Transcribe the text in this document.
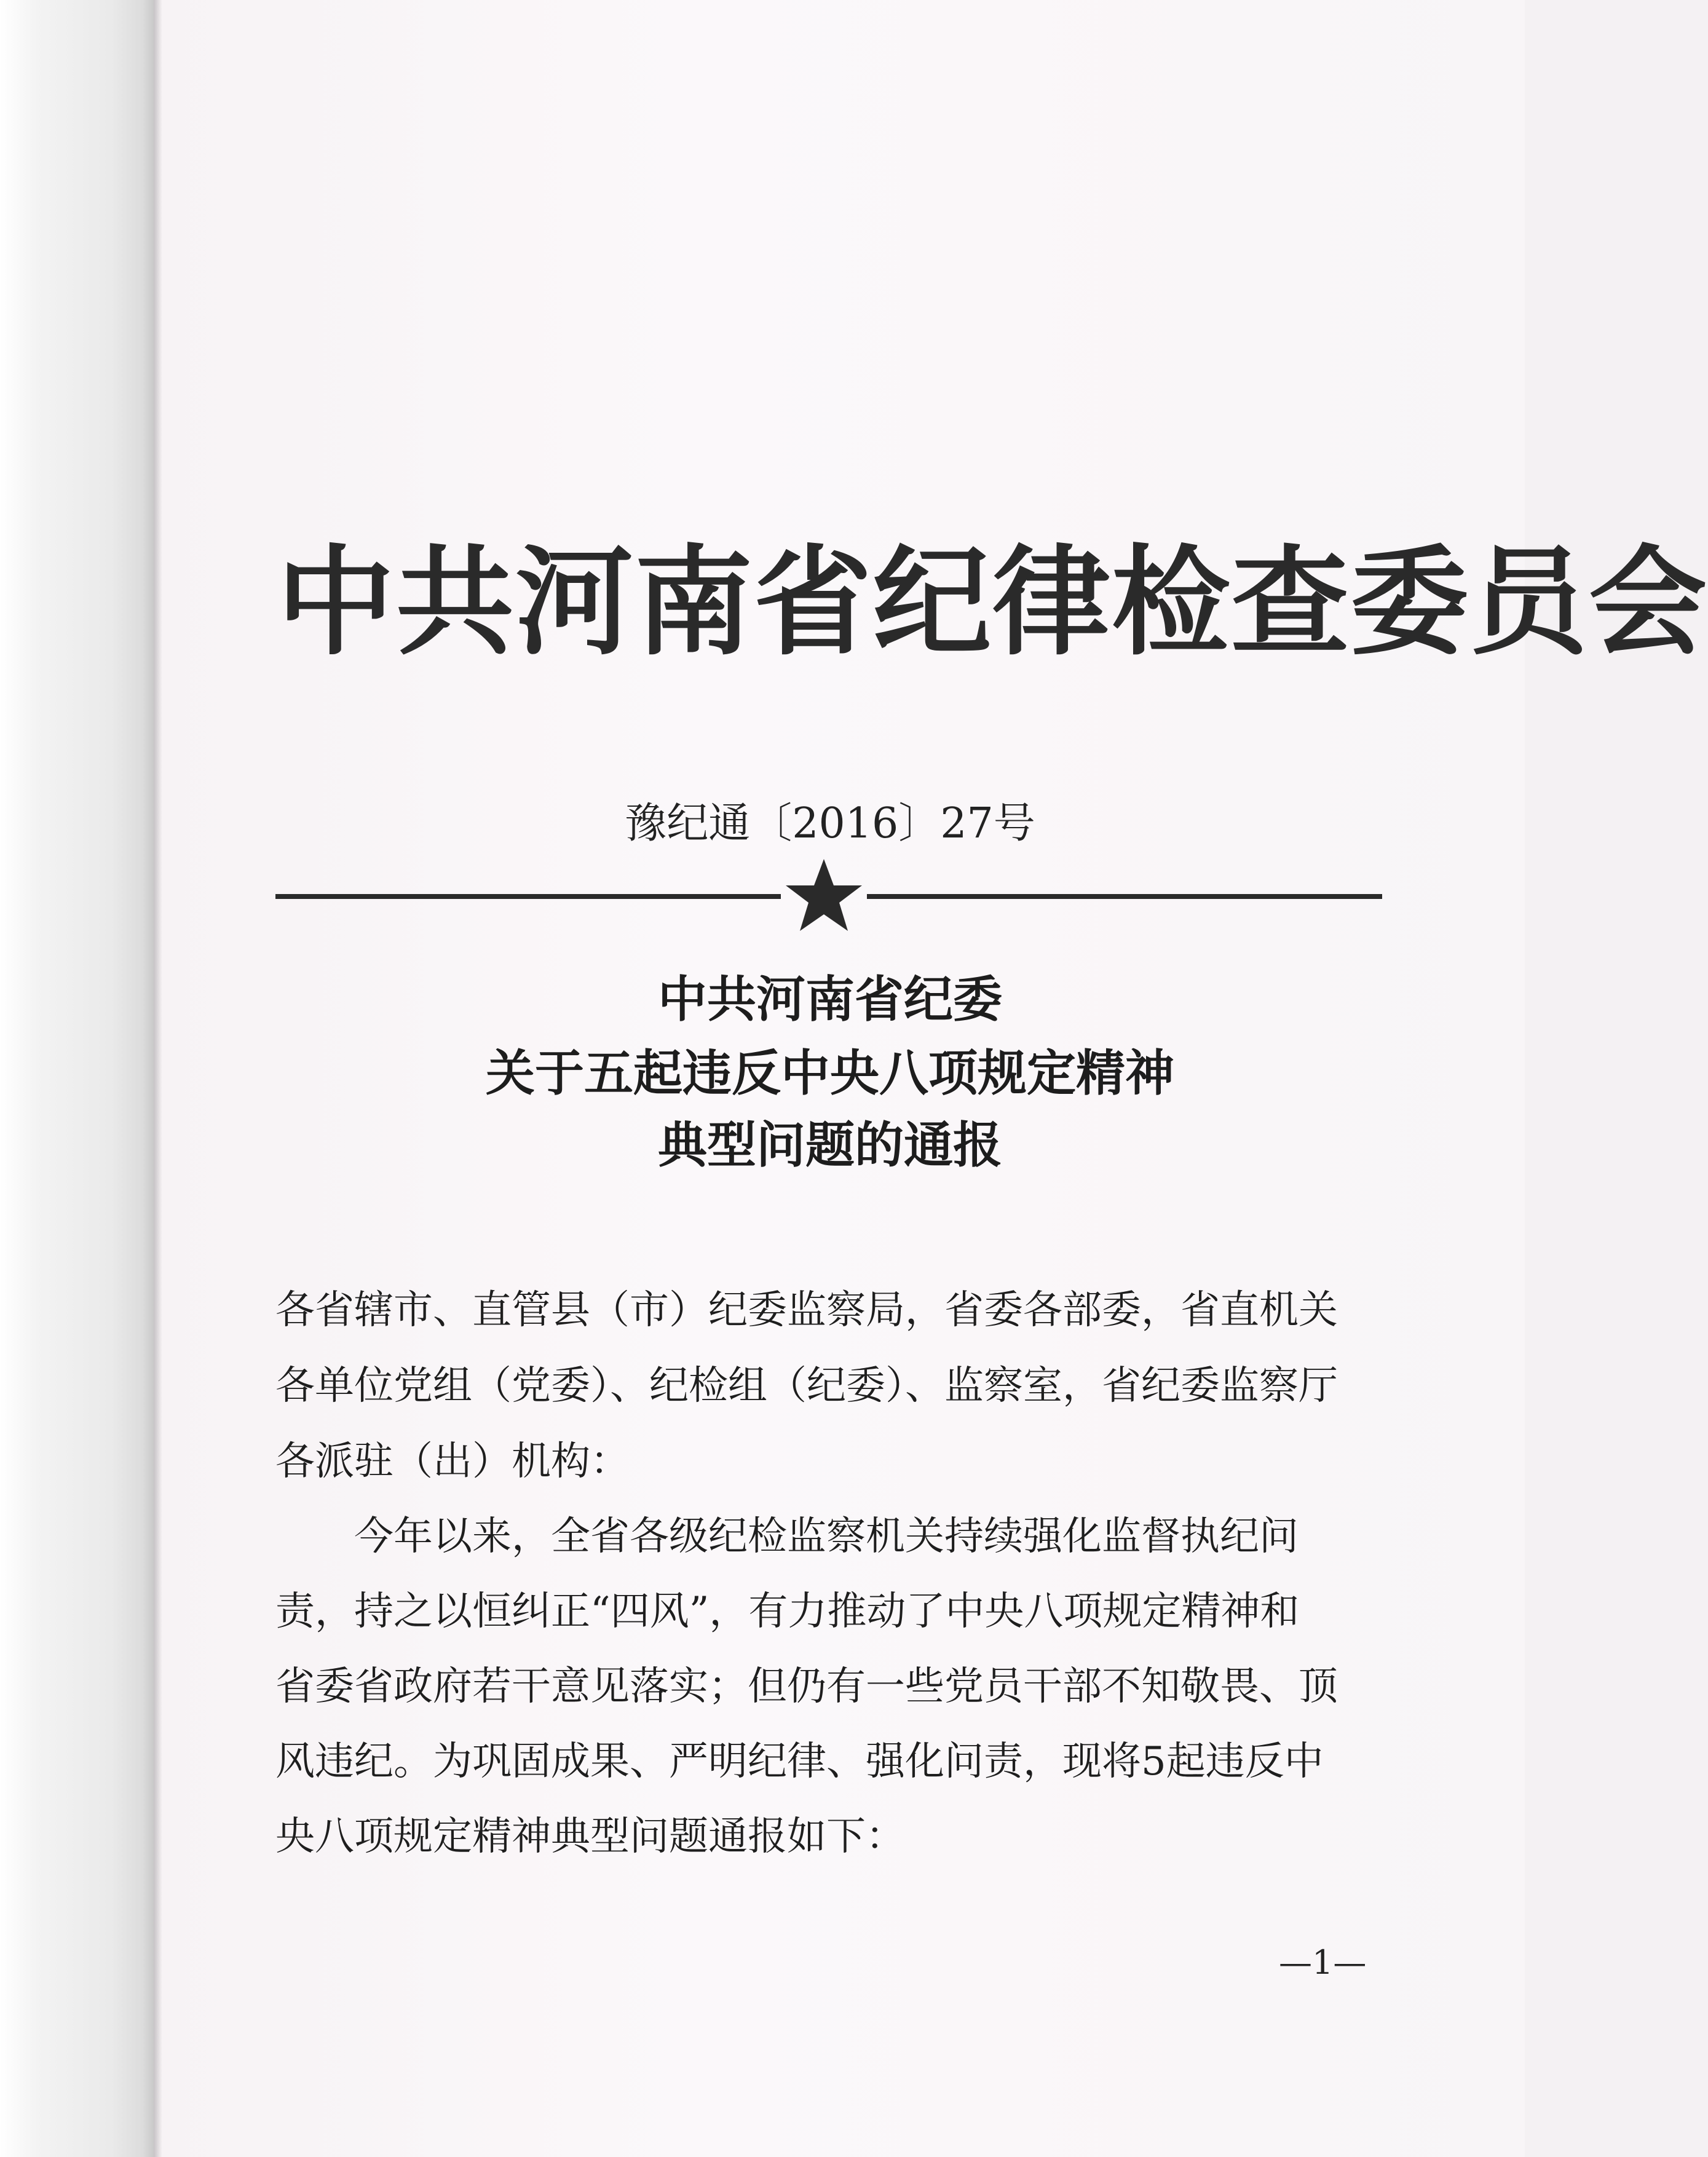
中共河南省纪律检查委员会
豫纪通〔2016〕27号
中共河南省纪委
关于五起违反中央八项规定精神
典型问题的通报
各省辖市、直管县（市）纪委监察局，省委各部委，省直机关
各单位党组（党委）、纪检组（纪委）、监察室，省纪委监察厅
各派驻（出）机构：
　　今年以来，全省各级纪检监察机关持续强化监督执纪问
责，持之以恒纠正“四风”，有力推动了中央八项规定精神和
省委省政府若干意见落实；但仍有一些党员干部不知敬畏、顶
风违纪。为巩固成果、严明纪律、强化问责，现将5起违反中
央八项规定精神典型问题通报如下：
—1—
